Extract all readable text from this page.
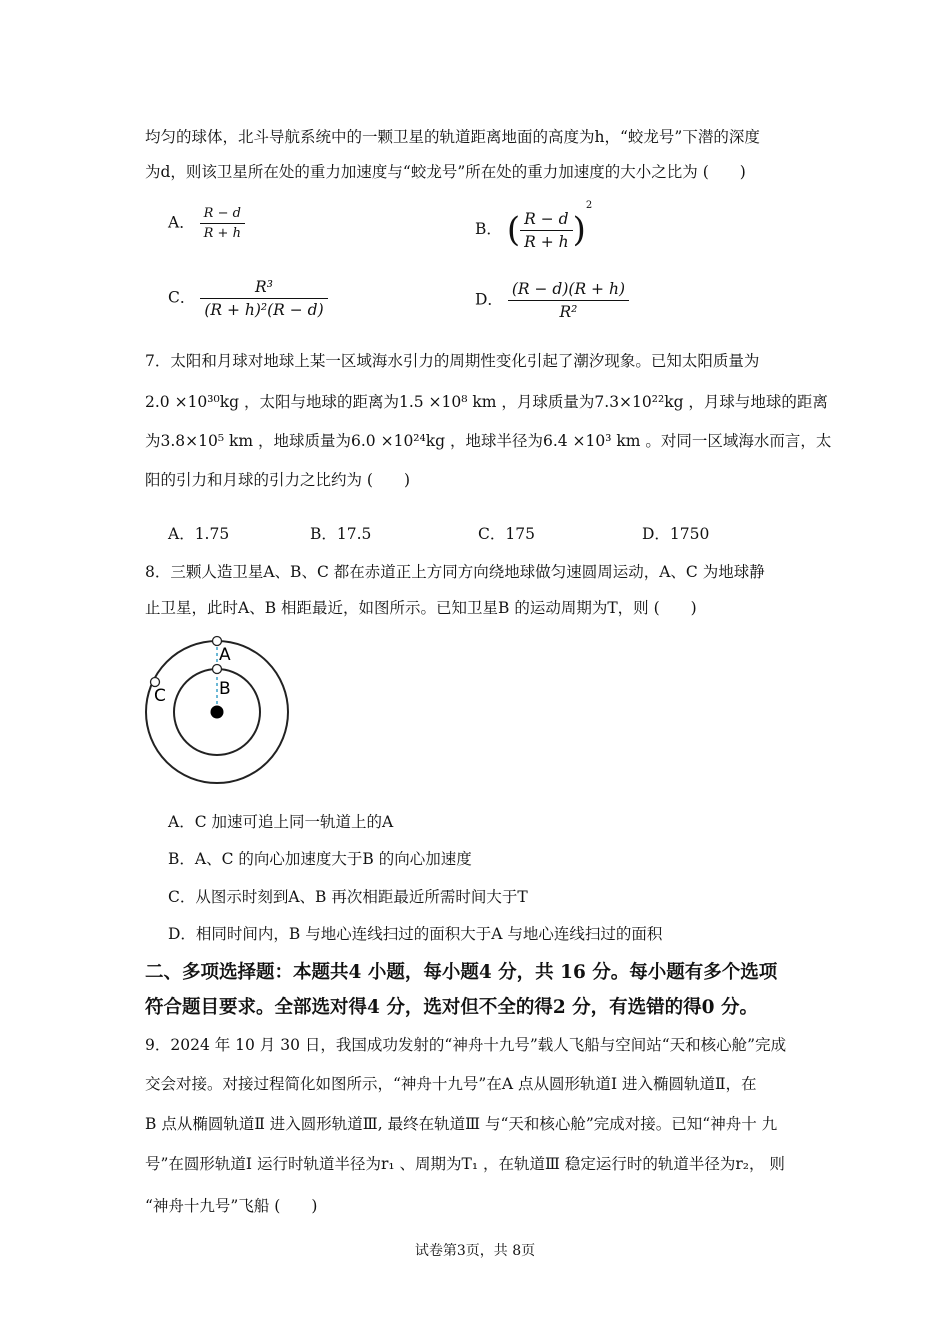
均匀的球体，北斗导航系统中的一颗卫星的轨道距离地面的高度为h，“蛟龙号”下潜的深度
为d，则该卫星所在处的重力加速度与“蛟龙号”所在处的重力加速度的大小之比为 (　　)
A． $\frac{R - d}{R + h}$	B． ( $\frac{R - d}{R + h} )^2$
C． $\frac{\text{R³}}{\text{(R + h)²(R − d)}}$	D． $\frac{(R - d)(R + h)}{\text{R²}}$
7．太阳和月球对地球上某一区域海水引力的周期性变化引起了潮汐现象。已知太阳质量为
2.0 ×10³⁰kg ，太阳与地球的距离为1.5 ×10⁸ km ，月球质量为7.3×10²²kg ，月球与地球的距离
为3.8×10⁵ km ，地球质量为6.0 ×10²⁴kg ，地球半径为6.4 ×10³ km 。对同一区域海水而言，太
阳的引力和月球的引力之比约为 (　　)
A．1.75	B．17.5	C．175	D．1750
8．三颗人造卫星A、B、C 都在赤道正上方同方向绕地球做匀速圆周运动，A、C 为地球静
止卫星，此时A、B 相距最近，如图所示。已知卫星B 的运动周期为T，则 (　　)
A
B
C
A．C 加速可追上同一轨道上的A
B．A、C 的向心加速度大于B 的向心加速度
C．从图示时刻到A、B 再次相距最近所需时间大于T
D．相同时间内，B 与地心连线扫过的面积大于A 与地心连线扫过的面积
二、多项选择题：本题共4 小题，每小题4 分，共 16 分。每小题有多个选项
符合题目要求。全部选对得4 分，选对但不全的得2 分，有选错的得0 分。
9．2024 年 10 月 30 日，我国成功发射的“神舟十九号”载人飞船与空间站“天和核心舱”完成
交会对接。对接过程简化如图所示，“神舟十九号”在A 点从圆形轨道Ⅰ 进入椭圆轨道Ⅱ，在
B 点从椭圆轨道Ⅱ 进入圆形轨道Ⅲ, 最终在轨道Ⅲ 与“天和核心舱”完成对接。已知“神舟十 九
号”在圆形轨道Ⅰ 运行时轨道半径为r₁ 、周期为T₁ ，在轨道Ⅲ 稳定运行时的轨道半径为r₂， 则
“神舟十九号”飞船 (　　)
试卷第3页，共 8页
